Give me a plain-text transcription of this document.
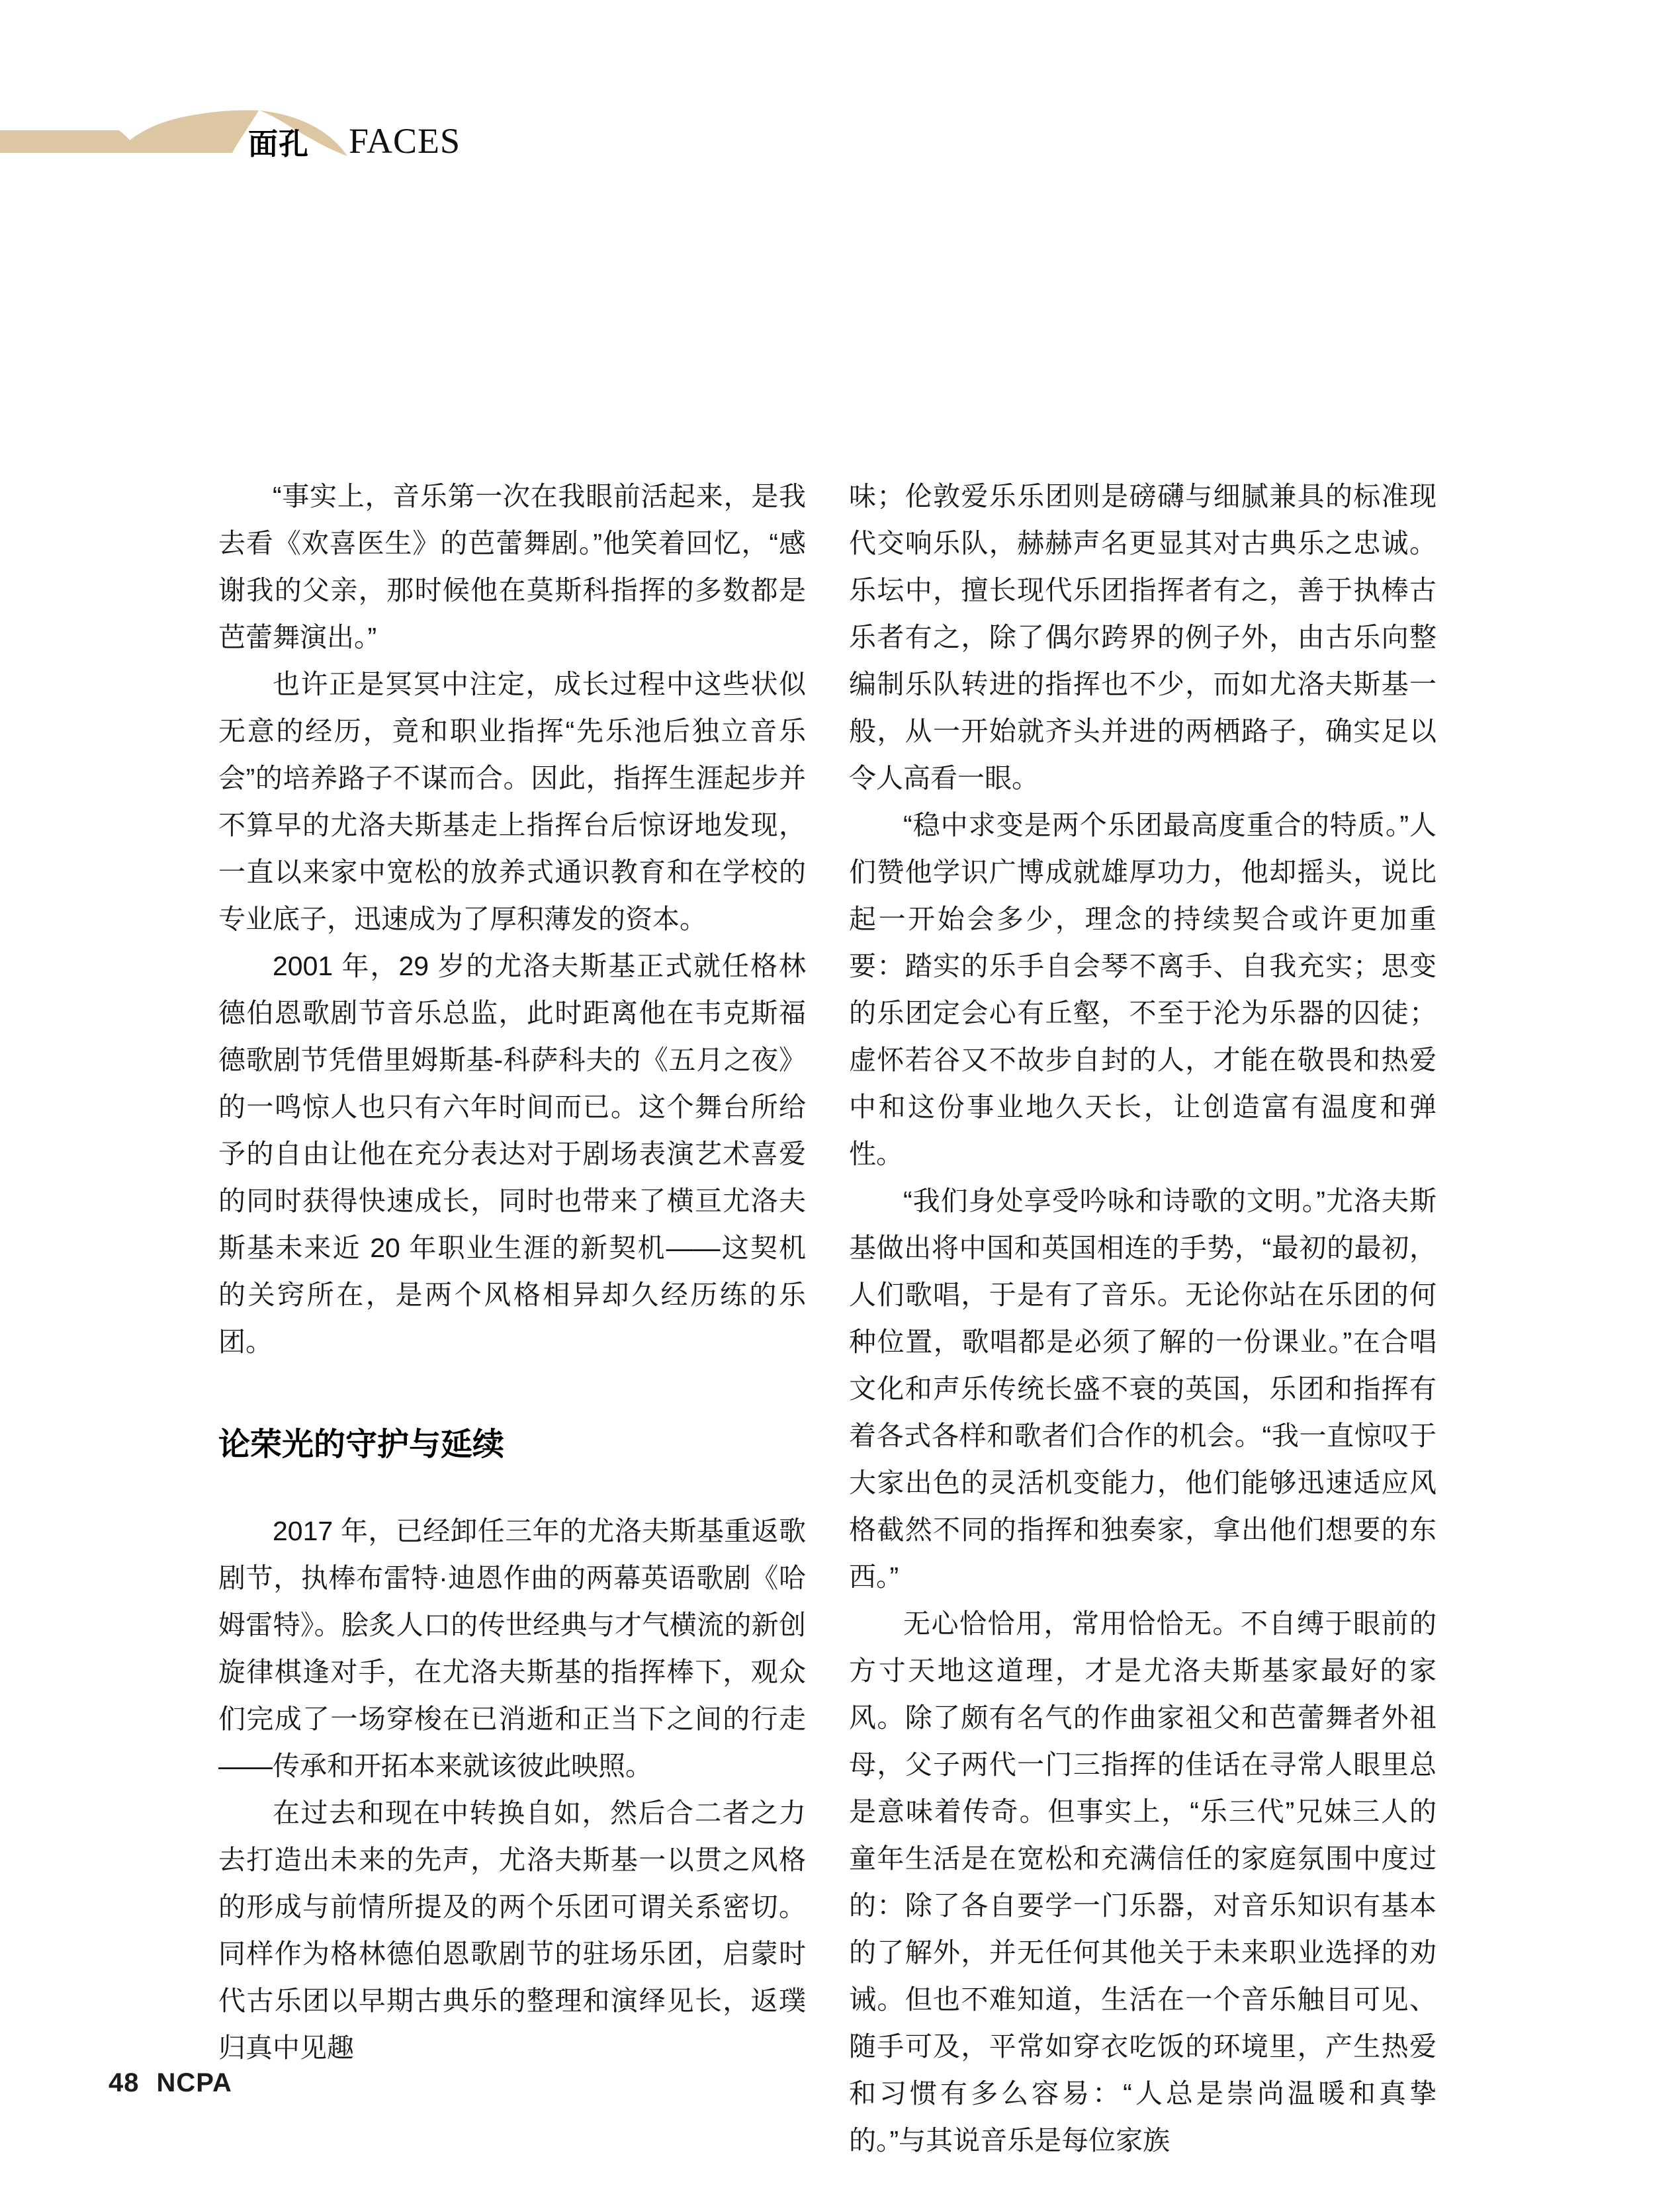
面孔 FACES

“事实上，音乐第一次在我眼前活起来，是我去看《欢喜医生》的芭蕾舞剧。”他笑着回忆，“感谢我的父亲，那时候他在莫斯科指挥的多数都是芭蕾舞演出。”

也许正是冥冥中注定，成长过程中这些状似无意的经历，竟和职业指挥“先乐池后独立音乐会”的培养路子不谋而合。因此，指挥生涯起步并不算早的尤洛夫斯基走上指挥台后惊讶地发现，一直以来家中宽松的放养式通识教育和在学校的专业底子，迅速成为了厚积薄发的资本。

2001 年，29 岁的尤洛夫斯基正式就任格林德伯恩歌剧节音乐总监，此时距离他在韦克斯福德歌剧节凭借里姆斯基-科萨科夫的《五月之夜》的一鸣惊人也只有六年时间而已。这个舞台所给予的自由让他在充分表达对于剧场表演艺术喜爱的同时获得快速成长，同时也带来了横亘尤洛夫斯基未来近 20 年职业生涯的新契机——这契机的关窍所在，是两个风格相异却久经历练的乐团。

论荣光的守护与延续

2017 年，已经卸任三年的尤洛夫斯基重返歌剧节，执棒布雷特·迪恩作曲的两幕英语歌剧《哈姆雷特》。脍炙人口的传世经典与才气横流的新创旋律棋逢对手，在尤洛夫斯基的指挥棒下，观众们完成了一场穿梭在已消逝和正当下之间的行走——传承和开拓本来就该彼此映照。

在过去和现在中转换自如，然后合二者之力去打造出未来的先声，尤洛夫斯基一以贯之风格的形成与前情所提及的两个乐团可谓关系密切。同样作为格林德伯恩歌剧节的驻场乐团，启蒙时代古乐团以早期古典乐的整理和演绎见长，返璞归真中见趣

味；伦敦爱乐乐团则是磅礴与细腻兼具的标准现代交响乐队，赫赫声名更显其对古典乐之忠诚。乐坛中，擅长现代乐团指挥者有之，善于执棒古乐者有之，除了偶尔跨界的例子外，由古乐向整编制乐队转进的指挥也不少，而如尤洛夫斯基一般，从一开始就齐头并进的两栖路子，确实足以令人高看一眼。

“稳中求变是两个乐团最高度重合的特质。”人们赞他学识广博成就雄厚功力，他却摇头，说比起一开始会多少，理念的持续契合或许更加重要：踏实的乐手自会琴不离手、自我充实；思变的乐团定会心有丘壑，不至于沦为乐器的囚徒；虚怀若谷又不故步自封的人，才能在敬畏和热爱中和这份事业地久天长，让创造富有温度和弹性。

“我们身处享受吟咏和诗歌的文明。”尤洛夫斯基做出将中国和英国相连的手势，“最初的最初，人们歌唱，于是有了音乐。无论你站在乐团的何种位置，歌唱都是必须了解的一份课业。”在合唱文化和声乐传统长盛不衰的英国，乐团和指挥有着各式各样和歌者们合作的机会。“我一直惊叹于大家出色的灵活机变能力，他们能够迅速适应风格截然不同的指挥和独奏家，拿出他们想要的东西。”

无心恰恰用，常用恰恰无。不自缚于眼前的方寸天地这道理，才是尤洛夫斯基家最好的家风。除了颇有名气的作曲家祖父和芭蕾舞者外祖母，父子两代一门三指挥的佳话在寻常人眼里总是意味着传奇。但事实上，“乐三代”兄妹三人的童年生活是在宽松和充满信任的家庭氛围中度过的：除了各自要学一门乐器，对音乐知识有基本的了解外，并无任何其他关于未来职业选择的劝诫。但也不难知道，生活在一个音乐触目可见、随手可及，平常如穿衣吃饭的环境里，产生热爱和习惯有多么容易：“人总是崇尚温暖和真挚的。”与其说音乐是每位家族

48 NCPA
